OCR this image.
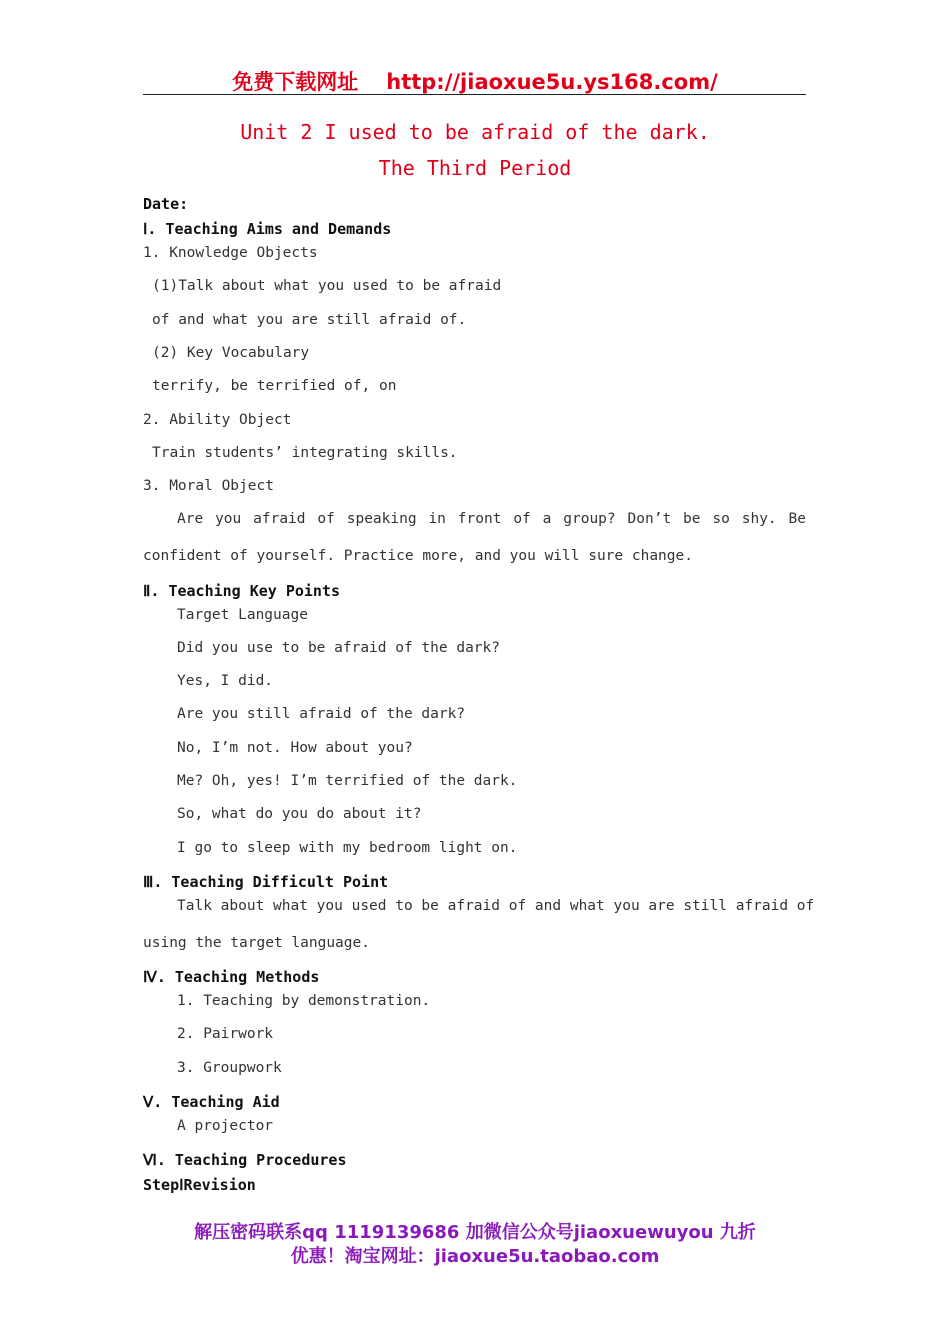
免费下载网址 http://jiaoxue5u.ys168.com/
Unit 2 I used to be afraid of the dark.
The Third Period
Date:
Ⅰ. Teaching Aims and Demands
1. Knowledge Objects
(1)Talk about what you used to be afraid
of and what you are still afraid of.
(2) Key Vocabulary
terrify, be terrified of, on
2. Ability Object
Train students’ integrating skills.
3. Moral Object
Are you afraid of speaking in front of a group? Don’t be so shy. Be
confident of yourself. Practice more, and you will sure change.
Ⅱ. Teaching Key Points
Target Language
Did you use to be afraid of the dark?
Yes, I did.
Are you still afraid of the dark?
No, I’m not. How about you?
Me? Oh, yes! I’m terrified of the dark.
So, what do you do about it?
I go to sleep with my bedroom light on.
Ⅲ. Teaching Difficult Point
Talk about what you used to be afraid of and what you are still afraid of
using the target language.
Ⅳ. Teaching Methods
1. Teaching by demonstration.
2. Pairwork
3. Groupwork
Ⅴ. Teaching Aid
A projector
Ⅵ. Teaching Procedures
StepⅠRevision
解压密码联系qq 1119139686 加微信公众号jiaoxuewuyou 九折
优惠！淘宝网址：jiaoxue5u.taobao.com
